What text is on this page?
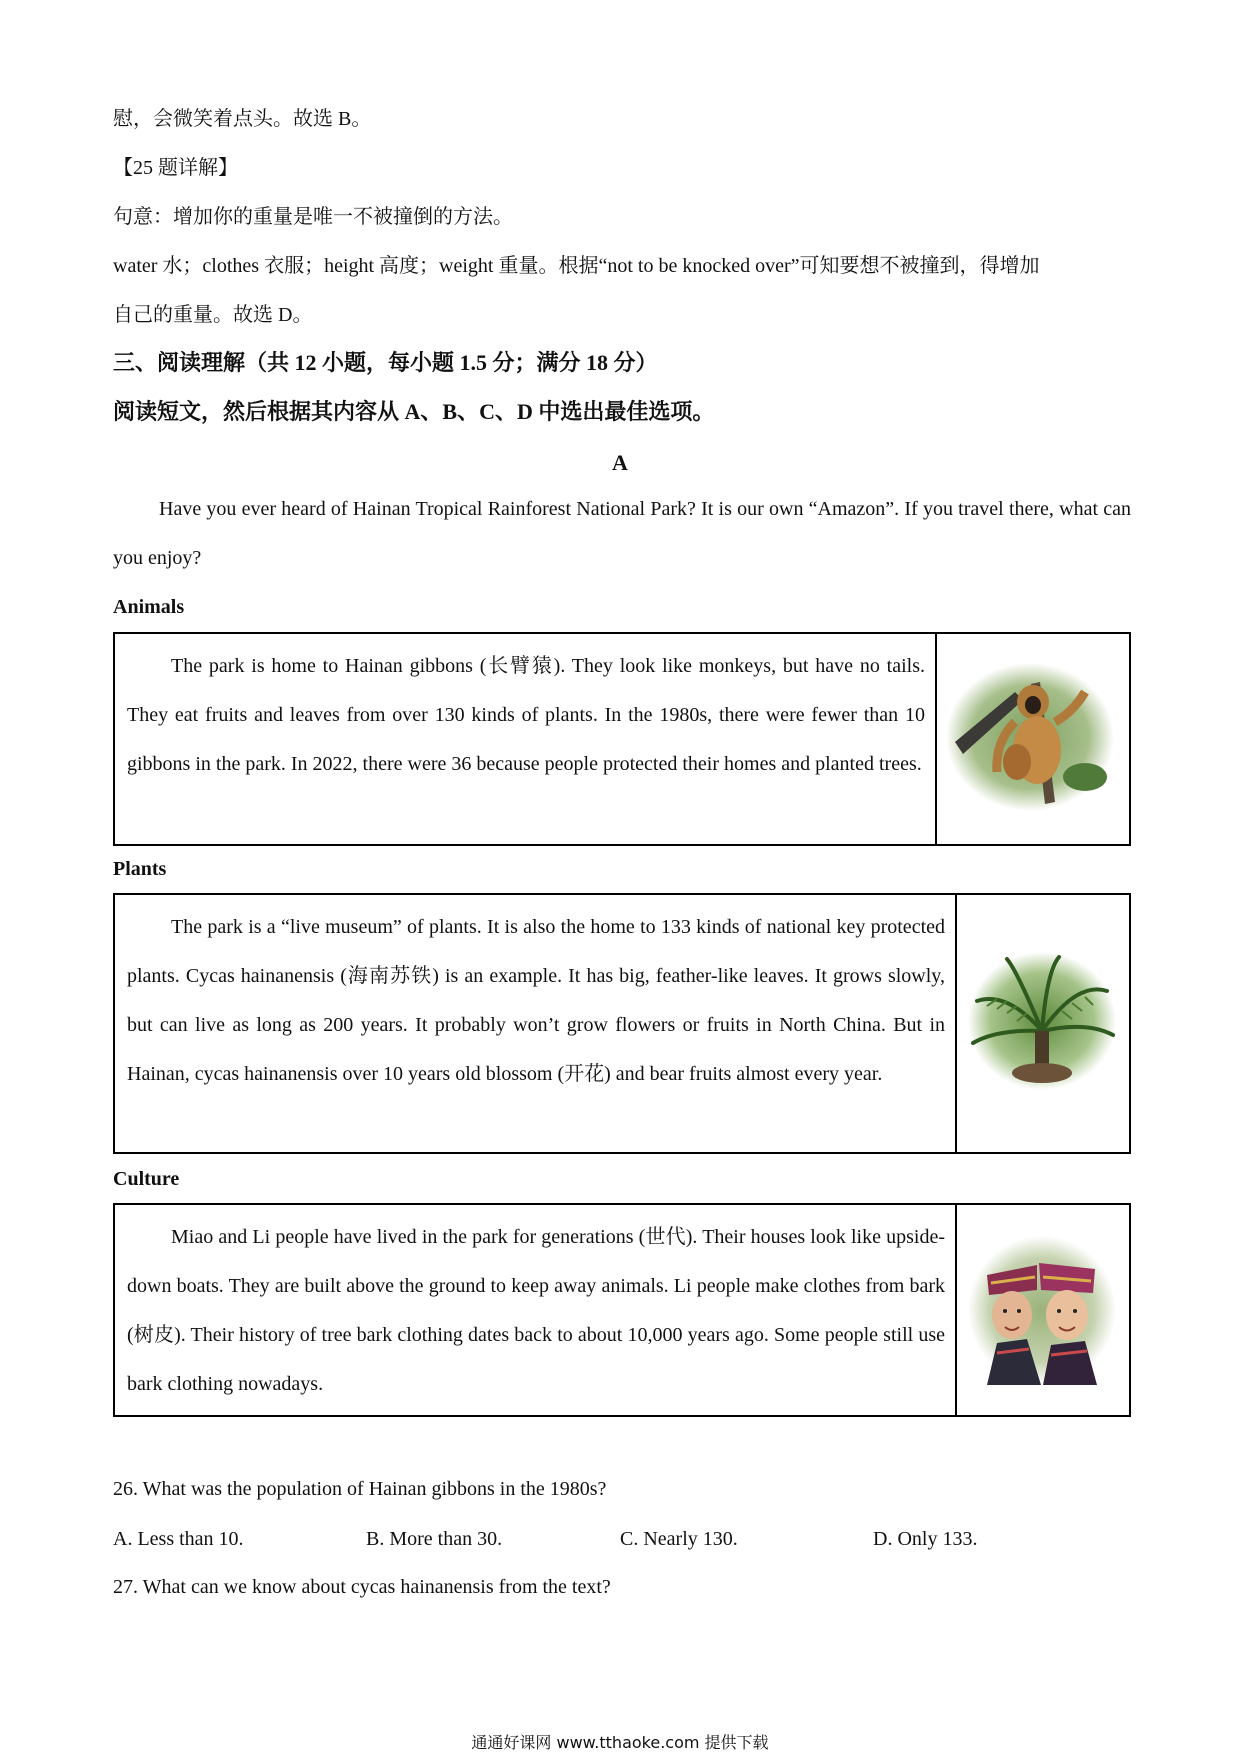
慰，会微笑着点头。故选 B。
【25 题详解】
句意：增加你的重量是唯一不被撞倒的方法。
water 水；clothes 衣服；height 高度；weight 重量。根据“not to be knocked over”可知要想不被撞到，得增加
自己的重量。故选 D。
三、阅读理解（共 12 小题，每小题 1.5 分；满分 18 分）
阅读短文，然后根据其内容从 A、B、C、D 中选出最佳选项。
A
Have you ever heard of Hainan Tropical Rainforest National Park? It is our own “Amazon”. If you travel there, what can you enjoy?
Animals
The park is home to Hainan gibbons (长臂猿). They look like monkeys, but have no tails. They eat fruits and leaves from over 130 kinds of plants. In the 1980s, there were fewer than 10 gibbons in the park. In 2022, there were 36 because people protected their homes and planted trees.
Plants
The park is a “live museum” of plants. It is also the home to 133 kinds of national key protected plants. Cycas hainanensis (海南苏铁) is an example. It has big, feather-like leaves. It grows slowly, but can live as long as 200 years. It probably won’t grow flowers or fruits in North China. But in Hainan, cycas hainanensis over 10 years old blossom (开花) and bear fruits almost every year.
Culture
Miao and Li people have lived in the park for generations (世代). Their houses look like upside-down boats. They are built above the ground to keep away animals. Li people make clothes from bark (树皮). Their history of tree bark clothing dates back to about 10,000 years ago. Some people still use bark clothing nowadays.
26. What was the population of Hainan gibbons in the 1980s?
A. Less than 10.	B. More than 30.	C. Nearly 130.	D. Only 133.
27. What can we know about cycas hainanensis from the text?
通通好课网 www.tthaoke.com 提供下载
